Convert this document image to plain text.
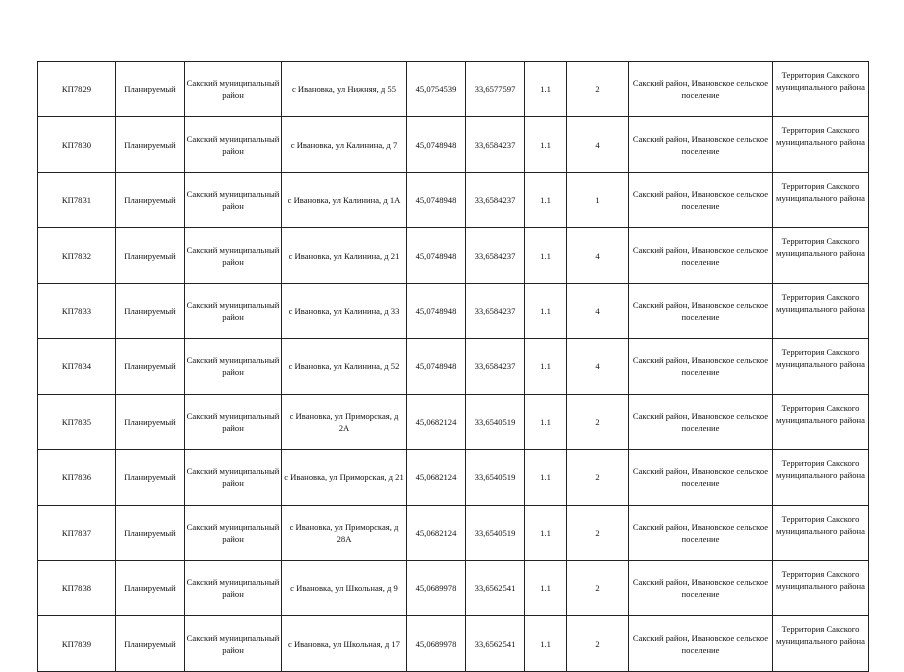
КП7829	Планируемый	Сакский муниципальный район	с Ивановка, ул Нижняя, д 55	45,0754539	33,6577597	1.1	2	Сакский район, Ивановское сельское поселение	Территория Сакского муниципального района
КП7830	Планируемый	Сакский муниципальный район	с Ивановка, ул Калинина, д 7	45,0748948	33,6584237	1.1	4	Сакский район, Ивановское сельское поселение	Территория Сакского муниципального района
КП7831	Планируемый	Сакский муниципальный район	с Ивановка, ул Калинина, д 1А	45,0748948	33,6584237	1.1	1	Сакский район, Ивановское сельское поселение	Территория Сакского муниципального района
КП7832	Планируемый	Сакский муниципальный район	с Ивановка, ул Калинина, д 21	45,0748948	33,6584237	1.1	4	Сакский район, Ивановское сельское поселение	Территория Сакского муниципального района
КП7833	Планируемый	Сакский муниципальный район	с Ивановка, ул Калинина, д 33	45,0748948	33,6584237	1.1	4	Сакский район, Ивановское сельское поселение	Территория Сакского муниципального района
КП7834	Планируемый	Сакский муниципальный район	с Ивановка, ул Калинина, д 52	45,0748948	33,6584237	1.1	4	Сакский район, Ивановское сельское поселение	Территория Сакского муниципального района
КП7835	Планируемый	Сакский муниципальный район	с Ивановка, ул Приморская, д 2А	45,0682124	33,6540519	1.1	2	Сакский район, Ивановское сельское поселение	Территория Сакского муниципального района
КП7836	Планируемый	Сакский муниципальный район	с Ивановка, ул Приморская, д 21	45,0682124	33,6540519	1.1	2	Сакский район, Ивановское сельское поселение	Территория Сакского муниципального района
КП7837	Планируемый	Сакский муниципальный район	с Ивановка, ул Приморская, д 28А	45,0682124	33,6540519	1.1	2	Сакский район, Ивановское сельское поселение	Территория Сакского муниципального района
КП7838	Планируемый	Сакский муниципальный район	с Ивановка, ул Школьная, д 9	45,0689978	33,6562541	1.1	2	Сакский район, Ивановское сельское поселение	Территория Сакского муниципального района
КП7839	Планируемый	Сакский муниципальный район	с Ивановка, ул Школьная, д 17	45,0689978	33,6562541	1.1	2	Сакский район, Ивановское сельское поселение	Территория Сакского муниципального района
